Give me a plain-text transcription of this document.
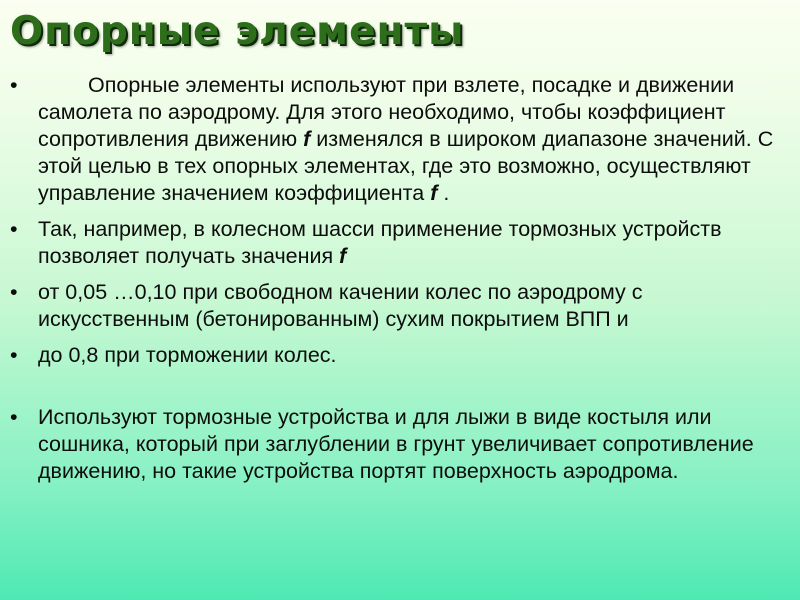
Опорные элементы
•	Опорные элементы используют при взлете, посадке и движении самолета по аэродрому. Для этого необходимо, чтобы коэффициент сопротивления движению f изменялся в широком диапазоне значений. С этой целью в тех опорных элементах, где это возможно, осуществляют управление значением коэффициента f .
• Так, например, в колесном шасси применение тормозных устройств позволяет получать значения f
• от 0,05 …0,10 при свободном качении колес по аэродрому с искусственным (бетонированным) сухим покрытием ВПП и
• до 0,8 при торможении колес.
• Используют тормозные устройства и для лыжи в виде костыля или сошника, который при заглублении в грунт увеличивает сопротивление движению, но такие устройства портят поверхность аэродрома.
